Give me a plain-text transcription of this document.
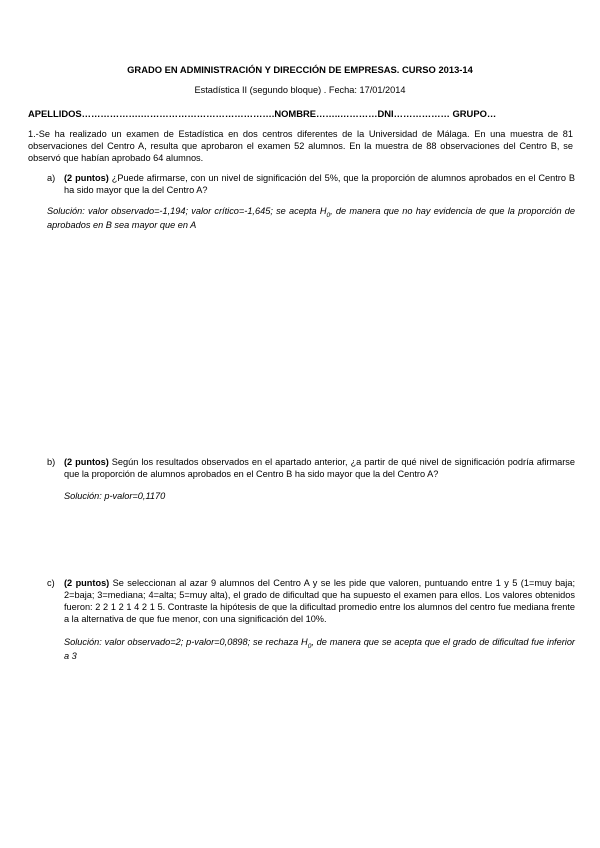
GRADO EN ADMINISTRACIÓN Y DIRECCIÓN DE EMPRESAS. CURSO 2013-14
Estadística II (segundo bloque) . Fecha: 17/01/2014
APELLIDOS……………….…………………………………….NOMBRE……..…………DNI……………… GRUPO…
1.-Se ha realizado un examen de Estadística en dos centros diferentes de la Universidad de Málaga. En una muestra de 81 observaciones del Centro A, resulta que aprobaron el examen 52 alumnos. En la muestra de 88 observaciones del Centro B, se observó que habían aprobado 64 alumnos.
a) (2 puntos) ¿Puede afirmarse, con un nivel de significación del 5%, que la proporción de alumnos aprobados en el Centro B ha sido mayor que la del Centro A?
Solución: valor observado=-1,194; valor crítico=-1,645; se acepta $H_0$, de manera que no hay evidencia de que la proporción de aprobados en B sea mayor que en A
b) (2 puntos) Según los resultados observados en el apartado anterior, ¿a partir de qué nivel de significación podría afirmarse que la proporción de alumnos aprobados en el Centro B ha sido mayor que la del Centro A?
Solución: p-valor=0,1170
c) (2 puntos) Se seleccionan al azar 9 alumnos del Centro A y se les pide que valoren, puntuando entre 1 y 5 (1=muy baja; 2=baja; 3=mediana; 4=alta; 5=muy alta), el grado de dificultad que ha supuesto el examen para ellos. Los valores obtenidos fueron: 2 2 1 2 1 4 2 1 5. Contraste la hipótesis de que la dificultad promedio entre los alumnos del centro fue mediana frente a la alternativa de que fue menor, con una significación del 10%.
Solución: valor observado=2; p-valor=0,0898; se rechaza $H_0$, de manera que se acepta que el grado de dificultad fue inferior a 3
